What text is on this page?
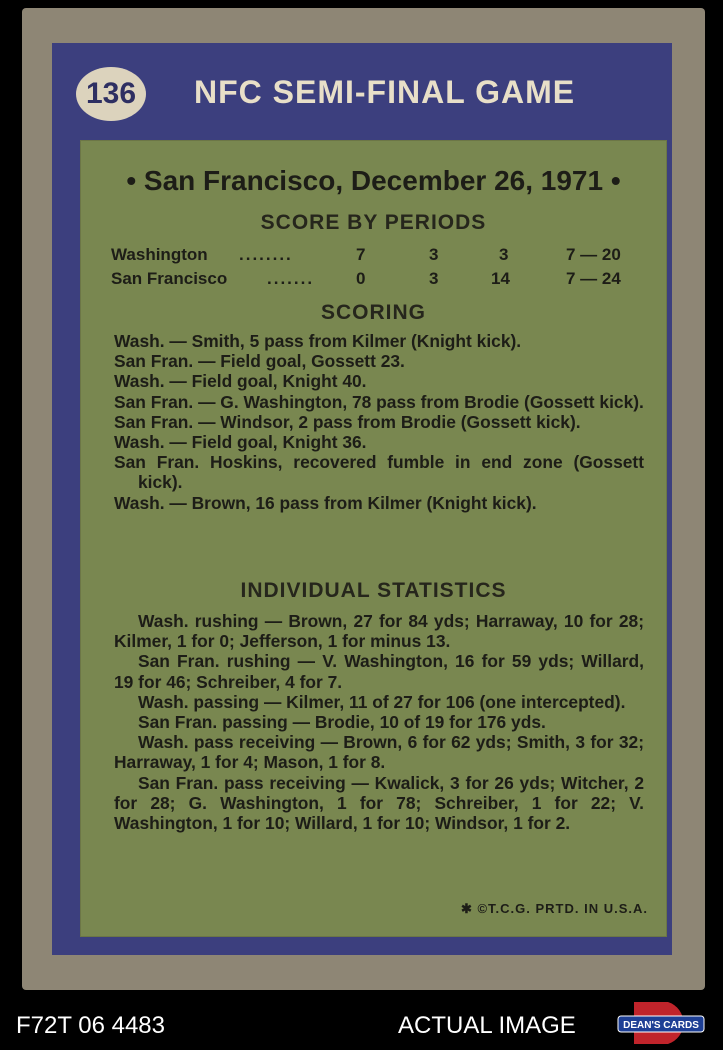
136	NFC SEMI-FINAL GAME
• San Francisco, December 26, 1971 •
SCORE BY PERIODS
Washington ........	7	3	3	7 — 20
San Francisco ....... 0	3	14	7 — 24
SCORING

Wash. — Smith, 5 pass from Kilmer (Knight kick).

San Fran. — Field goal, Gossett 23.

Wash. — Field goal, Knight 40.

San Fran. — G. Washington, 78 pass from Brodie (Gossett kick).

San Fran. — Windsor, 2 pass from Brodie (Gossett kick).

Wash. — Field goal, Knight 36.

San Fran. Hoskins, recovered fumble in end zone (Gossett kick).

Wash. — Brown, 16 pass from Kilmer (Knight kick).

INDIVIDUAL STATISTICS

Wash. rushing — Brown, 27 for 84 yds; Harraway, 10 for 28; Kilmer, 1 for 0; Jefferson, 1 for minus 13.

San Fran. rushing — V. Washington, 16 for 59 yds; Willard, 19 for 46; Schreiber, 4 for 7.

Wash. passing — Kilmer, 11 of 27 for 106 (one intercepted).

San Fran. passing — Brodie, 10 of 19 for 176 yds.

Wash. pass receiving — Brown, 6 for 62 yds; Smith, 3 for 32; Harraway, 1 for 4; Mason, 1 for 8.

San Fran. pass receiving — Kwalick, 3 for 26 yds; Witcher, 2 for 28; G. Washington, 1 for 78; Schreiber, 1 for 22; V. Washington, 1 for 10; Willard, 1 for 10; Windsor, 1 for 2.

✱ ©T.C.G. PRTD. IN U.S.A.
F72T 06 4483	ACTUAL IMAGE	DEAN'S CARDS
